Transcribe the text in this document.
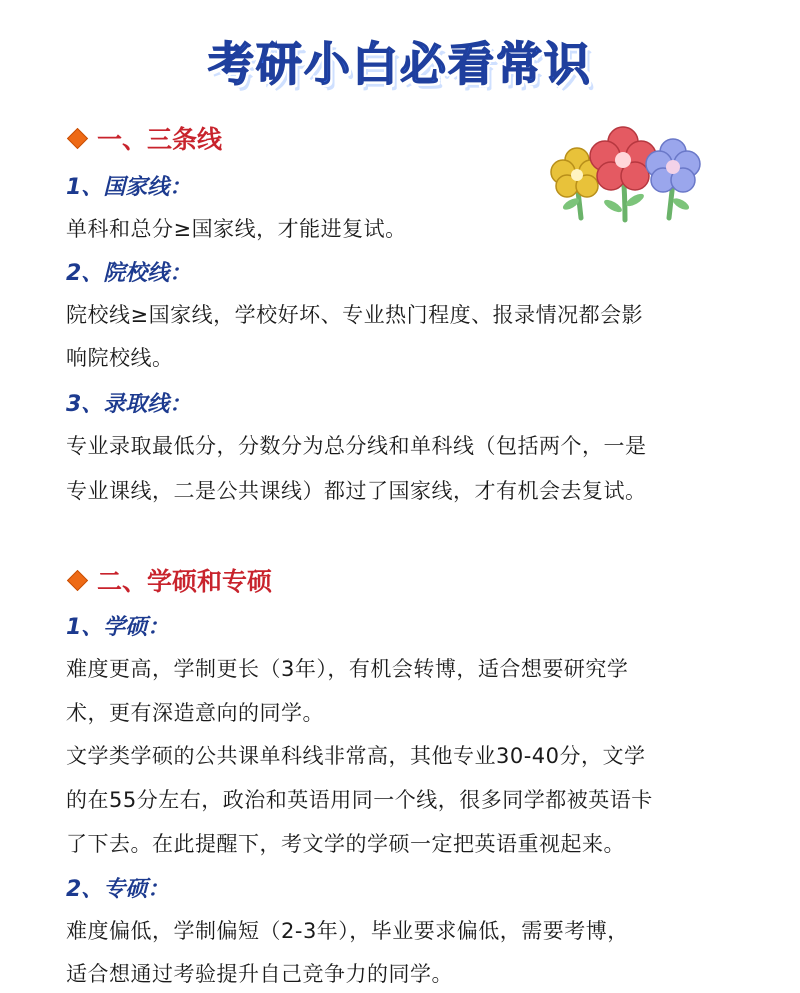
考研小白必看常识
一、三条线
1、国家线：
单科和总分≥国家线，才能进复试。
2、院校线：
院校线≥国家线，学校好坏、专业热门程度、报录情况都会影
响院校线。
3、录取线：
专业录取最低分，分数分为总分线和单科线（包括两个，一是
专业课线，二是公共课线）都过了国家线，才有机会去复试。
二、学硕和专硕
1、学硕：
难度更高，学制更长（3年），有机会转博，适合想要研究学
术，更有深造意向的同学。
文学类学硕的公共课单科线非常高，其他专业30-40分，文学
的在55分左右，政治和英语用同一个线，很多同学都被英语卡
了下去。在此提醒下，考文学的学硕一定把英语重视起来。
2、专硕：
难度偏低，学制偏短（2-3年），毕业要求偏低，需要考博，
适合想通过考验提升自己竞争力的同学。
